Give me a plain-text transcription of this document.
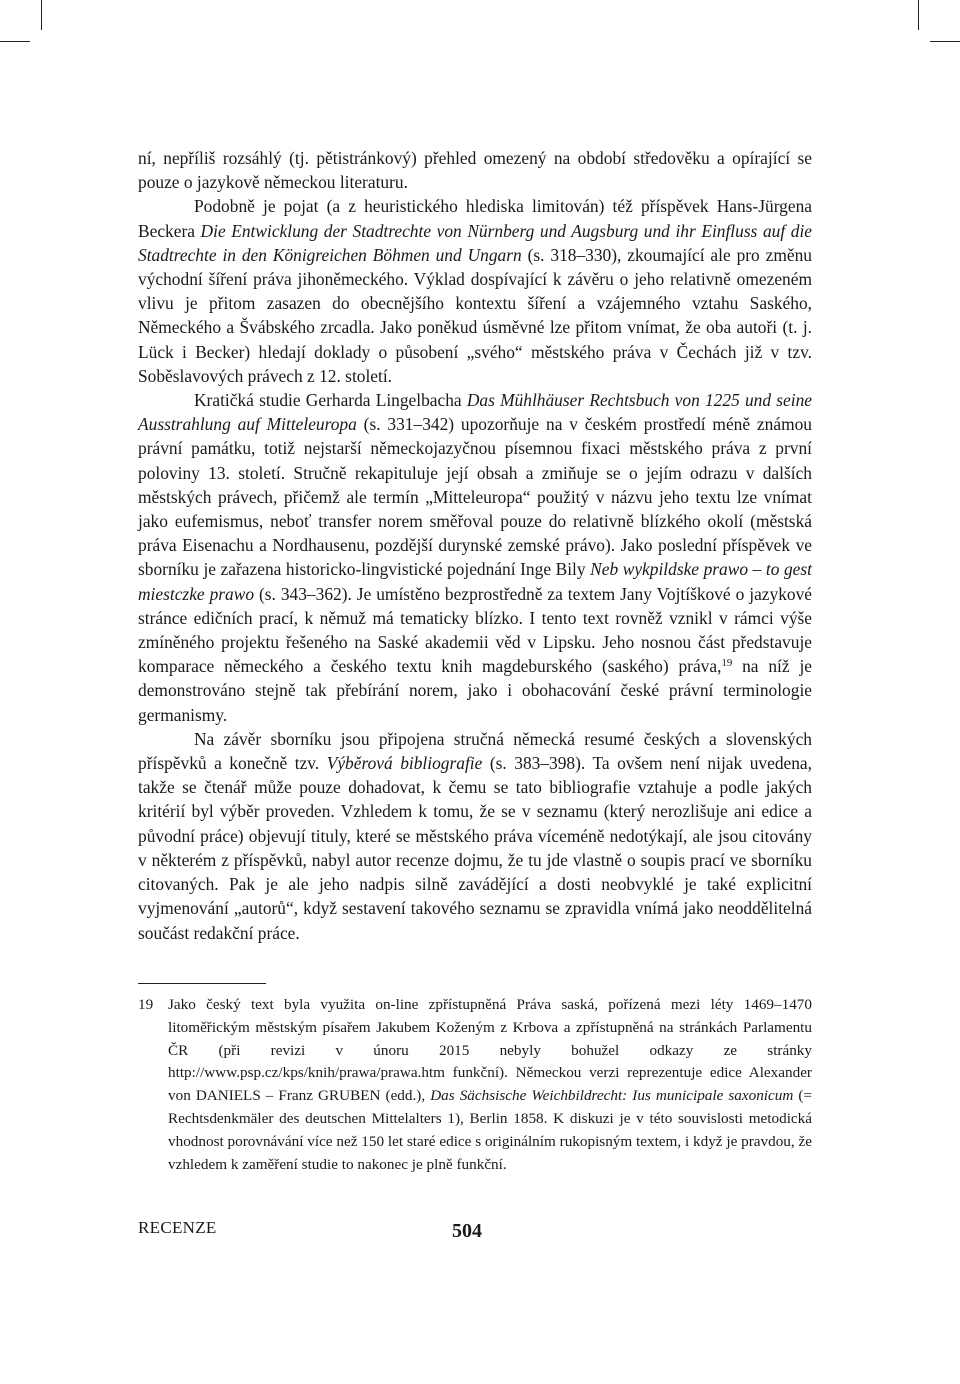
ní, nepříliš rozsáhlý (tj. pětistránkový) přehled omezený na období středověku a opírající se pouze o jazykově německou literaturu.

Podobně je pojat (a z heuristického hlediska limitován) též příspěvek Hans-Jürgena Beckera Die Entwicklung der Stadtrechte von Nürnberg und Augsburg und ihr Einfluss auf die Stadtrechte in den Königreichen Böhmen und Ungarn (s. 318–330), zkoumající ale pro změnu východní šíření práva jihoněmeckého. Výklad dospívající k závěru o jeho relativně omezeném vlivu je přitom zasazen do obecnějšího kontextu šíření a vzájemného vztahu Saského, Německého a Švábského zrcadla. Jako poněkud úsměvné lze přitom vnímat, že oba autoři (t. j. Lück i Becker) hledají doklady o působení „svého“ městského práva v Čechách již v tzv. Soběslavových právech z 12. století.

Kratičká studie Gerharda Lingelbacha Das Mühlhäuser Rechtsbuch von 1225 und seine Ausstrahlung auf Mitteleuropa (s. 331–342) upozorňuje na v českém prostředí méně známou právní památku, totiž nejstarší německojazyčnou písemnou fixaci městského práva z první poloviny 13. století. Stručně rekapituluje její obsah a zmiňuje se o jejím odrazu v dalších městských právech, přičemž ale termín „Mitteleuropa“ použitý v názvu jeho textu lze vnímat jako eufemismus, neboť transfer norem směřoval pouze do relativně blízkého okolí (městská práva Eisenachu a Nordhausenu, pozdější durynské zemské právo). Jako poslední příspěvek ve sborníku je zařazena historicko-lingvistické pojednání Inge Bily Neb wykpildske prawo – to gest miestczke prawo (s. 343–362). Je umístěno bezprostředně za textem Jany Vojtíškové o jazykové stránce edičních prací, k němuž má tematicky blízko. I tento text rovněž vznikl v rámci výše zmíněného projektu řešeného na Saské akademii věd v Lipsku. Jeho nosnou část představuje komparace německého a českého textu knih magdeburského (saského) práva,$^{19}$ na níž je demonstrováno stejně tak přebírání norem, jako i obohacování české právní terminologie germanismy.

Na závěr sborníku jsou připojena stručná německá resumé českých a slovenských příspěvků a konečně tzv. Výběrová bibliografie (s. 383–398). Ta ovšem není nijak uvedena, takže se čtenář může pouze dohadovat, k čemu se tato bibliografie vztahuje a podle jakých kritérií byl výběr proveden. Vzhledem k tomu, že se v seznamu (který nerozlišuje ani edice a původní práce) objevují tituly, které se městského práva víceméně nedotýkají, ale jsou citovány v některém z příspěvků, nabyl autor recenze dojmu, že tu jde vlastně o soupis prací ve sborníku citovaných. Pak je ale jeho nadpis silně zavádějící a dosti neobvyklé je také explicitní vyjmenování „autorů“, když sestavení takového seznamu se zpravidla vnímá jako neoddělitelná součást redakční práce.

19 Jako český text byla využita on-line zpřístupněná Práva saská, pořízená mezi léty 1469–1470 litoměřickým městským písařem Jakubem Koženým z Krbova a zpřístupněná na stránkách Parlamentu ČR (při revizi v únoru 2015 nebyly bohužel odkazy ze stránky http://www.psp.cz/kps/knih/prawa/prawa.htm funkční). Německou verzi reprezentuje edice Alexander von DANIELS – Franz GRUBEN (edd.), Das Sächsische Weichbildrecht: Ius municipale saxonicum (= Rechtsdenkmäler des deutschen Mittelalters 1), Berlin 1858. K diskuzi je v této souvislosti metodická vhodnost porovnávání více než 150 let staré edice s originálním rukopisným textem, i když je pravdou, že vzhledem k zaměření studie to nakonec je plně funkční.
RECENZE	504
